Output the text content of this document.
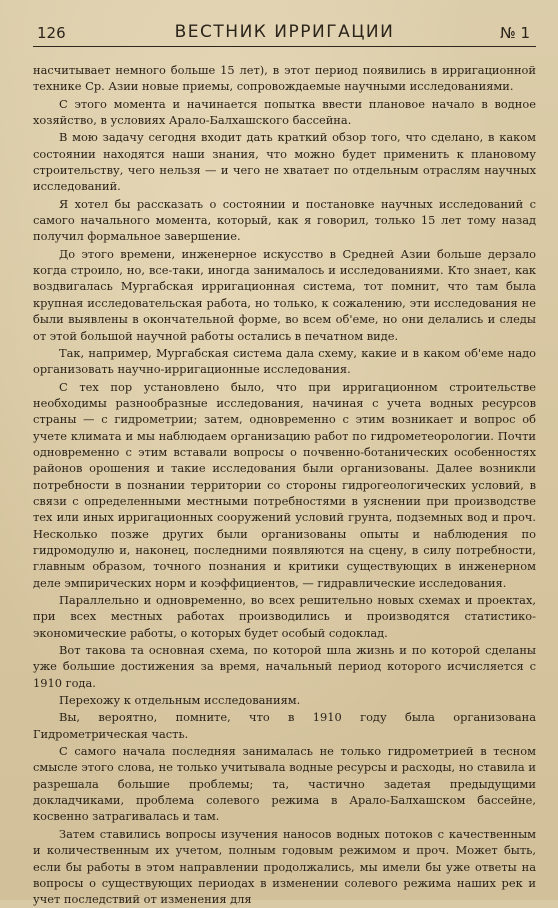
126	ВЕСТНИК ИРРИГАЦИИ	№ 1

насчитывает немного больше 15 лет), в этот период появились в ирригационной технике Ср. Азии новые приемы, сопровождаемые научными исследованиями.

С этого момента и начинается попытка ввести плановое начало в водное хозяйство, в условиях Арало-Балхашского бассейна.

В мою задачу сегодня входит дать краткий обзор того, что сделано, в каком состоянии находятся наши знания, что можно будет применить к плановому строительству, чего нельзя — и чего не хватает по отдельным отраслям научных исследований.

Я хотел бы рассказать о состоянии и постановке научных исследований с самого начального момента, который, как я говорил, только 15 лет тому назад получил формальное завершение.

До этого времени, инженерное искусство в Средней Азии больше дерзало когда строило, но, все-таки, иногда занималось и исследованиями. Кто знает, как воздвигалась Мургабская ирригационная система, тот помнит, что там была крупная исследовательская работа, но только, к сожалению, эти исследования не были выявлены в окончательной форме, во всем об'еме, но они делались и следы от этой большой научной работы остались в печатном виде.

Так, например, Мургабская система дала схему, какие и в каком об'еме надо организовать научно-ирригационные исследования.

С тех пор установлено было, что при ирригационном строительстве необходимы разнообразные исследования, начиная с учета водных ресурсов страны — с гидрометрии; затем, одновременно с этим возникает и вопрос об учете климата и мы наблюдаем организацию работ по гидрометеорологии. Почти одновременно с этим вставали вопросы о почвенно-ботанических особенностях районов орошения и такие исследования были организованы. Далее возникли потребности в познании территории со стороны гидрогеологических условий, в связи с определенными местными потребностями в уяснении при производстве тех или иных ирригационных сооружений условий грунта, подземных вод и проч. Несколько позже других были организованы опыты и наблюдения по гидромодулю и, наконец, последними появляются на сцену, в силу потребности, главным образом, точного познания и критики существующих в инженерном деле эмпирических норм и коэффициентов, — гидравлические исследования.

Параллельно и одновременно, во всех решительно новых схемах и проектах, при всех местных работах производились и производятся статистико-экономические работы, о которых будет особый содоклад.

Вот такова та основная схема, по которой шла жизнь и по которой сделаны уже большие достижения за время, начальный период которого исчисляется с 1910 года.

Перехожу к отдельным исследованиям.

Вы, вероятно, помните, что в 1910 году была организована Гидрометрическая часть.

С самого начала последняя занималась не только гидрометрией в тесном смысле этого слова, не только учитывала водные ресурсы и расходы, но ставила и разрешала большие проблемы; та, частично задетая предыдущими докладчиками, проблема солевого режима в Арало-Балхашском бассейне, косвенно затрагивалась и там.

Затем ставились вопросы изучения наносов водных потоков с качественным и количественным их учетом, полным годовым режимом и проч. Может быть, если бы работы в этом направлении продолжались, мы имели бы уже ответы на вопросы о существующих периодах в изменении солевого режима наших рек и учет последствий от изменения для
